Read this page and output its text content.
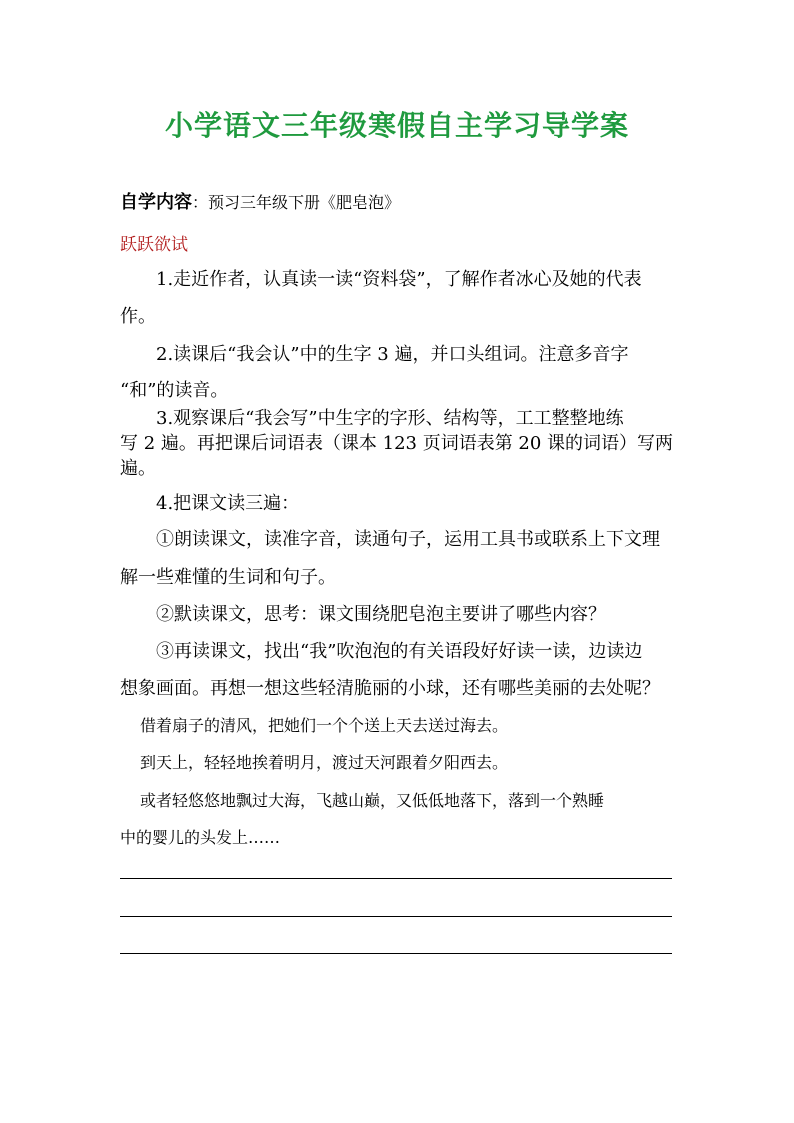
小学语文三年级寒假自主学习导学案
自学内容：预习三年级下册《肥皂泡》
跃跃欲试
1.走近作者，认真读一读“资料袋”，了解作者冰心及她的代表
作。
2.读课后“我会认”中的生字 3 遍，并口头组词。注意多音字
“和”的读音。
3.观察课后“我会写”中生字的字形、结构等，工工整整地练
写 2 遍。再把课后词语表（课本 123 页词语表第 20 课的词语）写两
遍。
4.把课文读三遍：
①朗读课文，读准字音，读通句子，运用工具书或联系上下文理
解一些难懂的生词和句子。
②默读课文，思考：课文围绕肥皂泡主要讲了哪些内容？
③再读课文，找出“我”吹泡泡的有关语段好好读一读，边读边
想象画面。再想一想这些轻清脆丽的小球，还有哪些美丽的去处呢？
借着扇子的清风，把她们一个个送上天去送过海去。
到天上，轻轻地挨着明月，渡过天河跟着夕阳西去。
或者轻悠悠地飘过大海，飞越山巅，又低低地落下，落到一个熟睡
中的婴儿的头发上……
